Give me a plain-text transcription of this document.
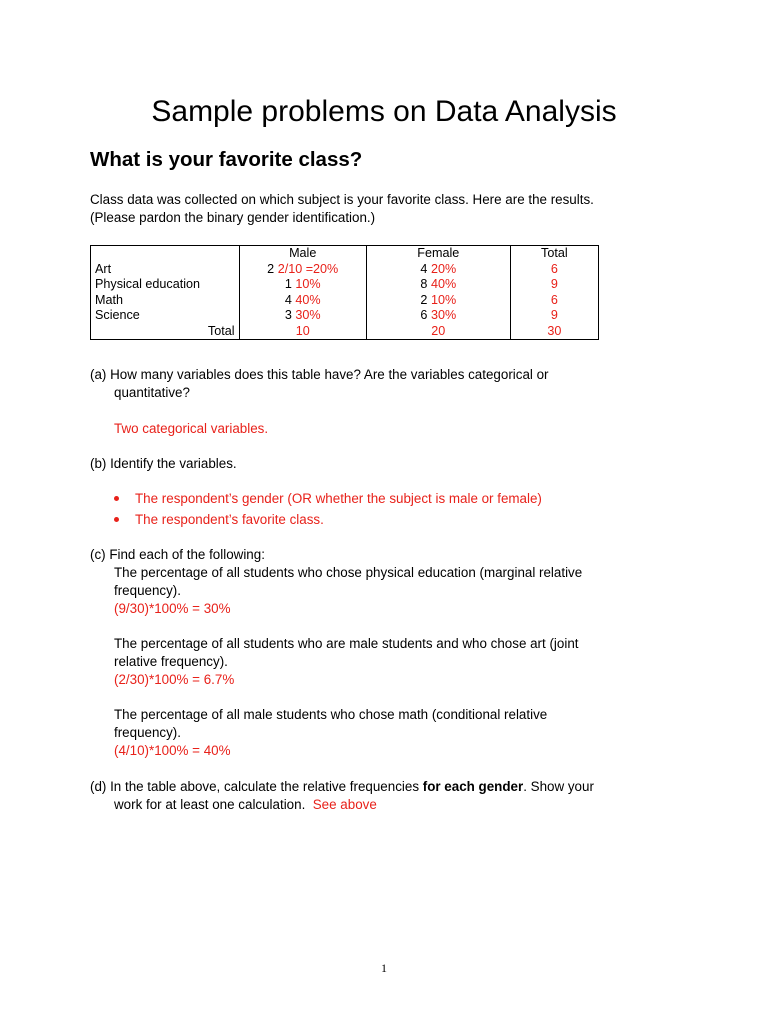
Sample problems on Data Analysis
What is your favorite class?
Class data was collected on which subject is your favorite class. Here are the results.
(Please pardon the binary gender identification.)
	Male	Female	Total
Art	2 2/10 =20%	4 20%	6
Physical education	1 10%	8 40%	9
Math	4 40%	2 10%	6
Science	3 30%	6 30%	9
Total	10	20	30
(a) How many variables does this table have? Are the variables categorical or
quantitative?
Two categorical variables.
(b) Identify the variables.
The respondent’s gender (OR whether the subject is male or female)
The respondent’s favorite class.
(c) Find each of the following:
The percentage of all students who chose physical education (marginal relative
frequency).
(9/30)*100% = 30%
The percentage of all students who are male students and who chose art (joint
relative frequency).
(2/30)*100% = 6.7%
The percentage of all male students who chose math (conditional relative
frequency).
(4/10)*100% = 40%
(d) In the table above, calculate the relative frequencies for each gender. Show your
work for at least one calculation. See above
1
